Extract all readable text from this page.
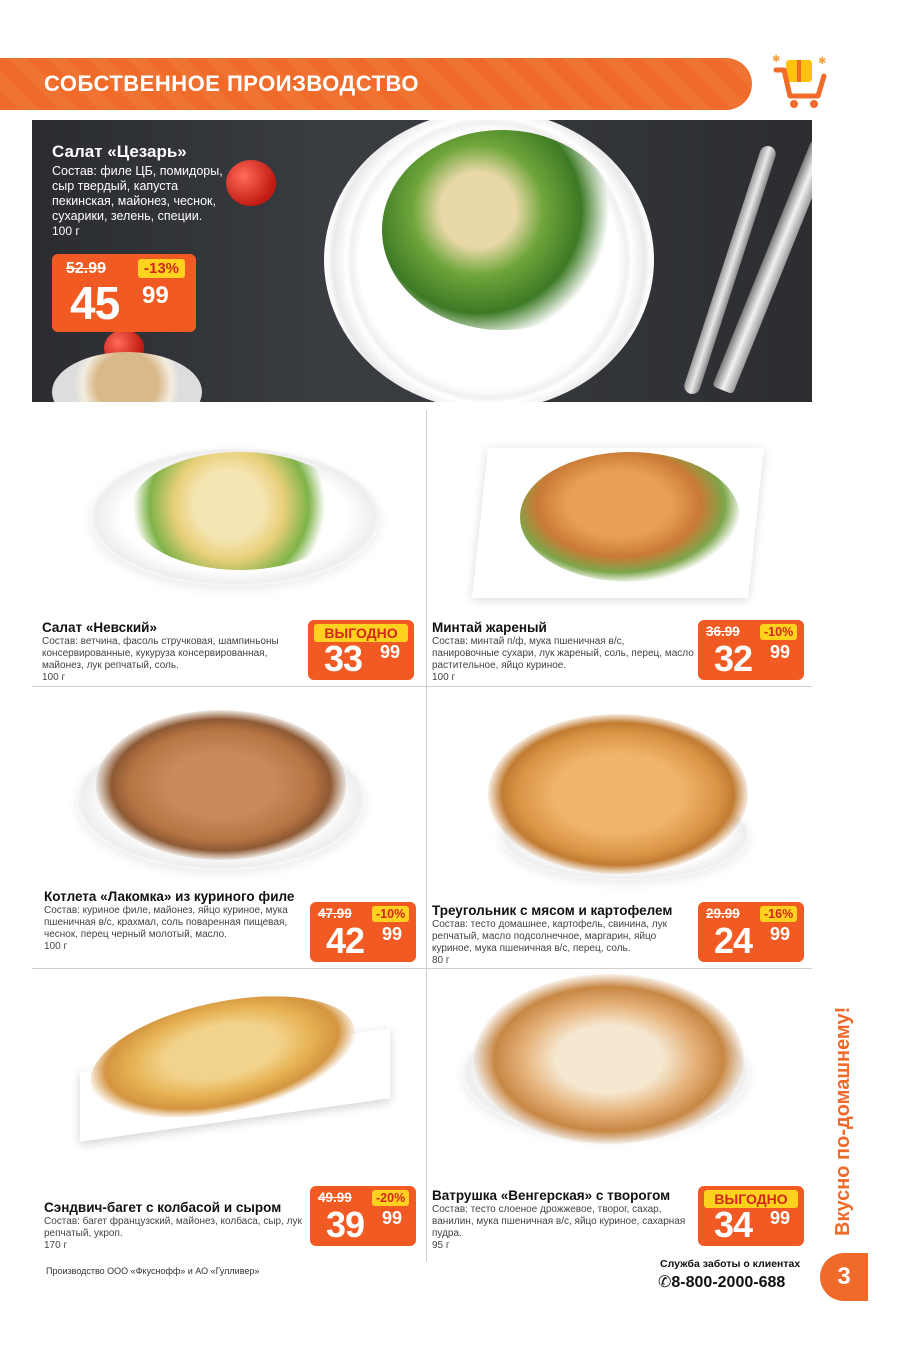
СОБСТВЕННОЕ ПРОИЗВОДСТВО
✱	✱
Салат «Цезарь»
Состав: филе ЦБ, помидоры, сыр твердый, капуста пекинская, майонез, чеснок, сухарики, зелень, специи.
100 г
52.99	-13%
45 99
Салат «Невский»
Состав: ветчина, фасоль стручковая, шампиньоны консервированные, кукуруза консервированная, майонез, лук репчатый, соль.
100 г
ВЫГОДНО
33 99
Минтай жареный
Состав: минтай п/ф, мука пшеничная в/с, панировочные сухари, лук жареный, соль, перец, масло растительное, яйцо куриное.
100 г
36.99	-10%
32 99
Котлета «Лакомка» из куриного филе
Состав: куриное филе, майонез, яйцо куриное, мука пшеничная в/с, крахмал, соль поваренная пищевая, чеснок, перец черный молотый, масло.
100 г
47.99	-10%
42 99
Треугольник с мясом и картофелем
Состав: тесто домашнее, картофель, свинина, лук репчатый, масло подсолнечное, маргарин, яйцо куриное, мука пшеничная в/с, перец, соль.
80 г
29.99	-16%
24 99
Сэндвич-багет с колбасой и сыром
Состав: багет французский, майонез, колбаса, сыр, лук репчатый, укроп.
170 г
49.99	-20%
39 99
Ватрушка «Венгерская» с творогом
Состав: тесто слоеное дрожжевое, творог, сахар, ванилин, мука пшеничная в/с, яйцо куриное, сахарная пудра.
95 г
ВЫГОДНО
34 99 Вкусно по-домашнему!
Производство ООО «Фкуснофф» и АО «Гулливер»
Служба заботы о клиентах
✆8-800-2000-688	3
